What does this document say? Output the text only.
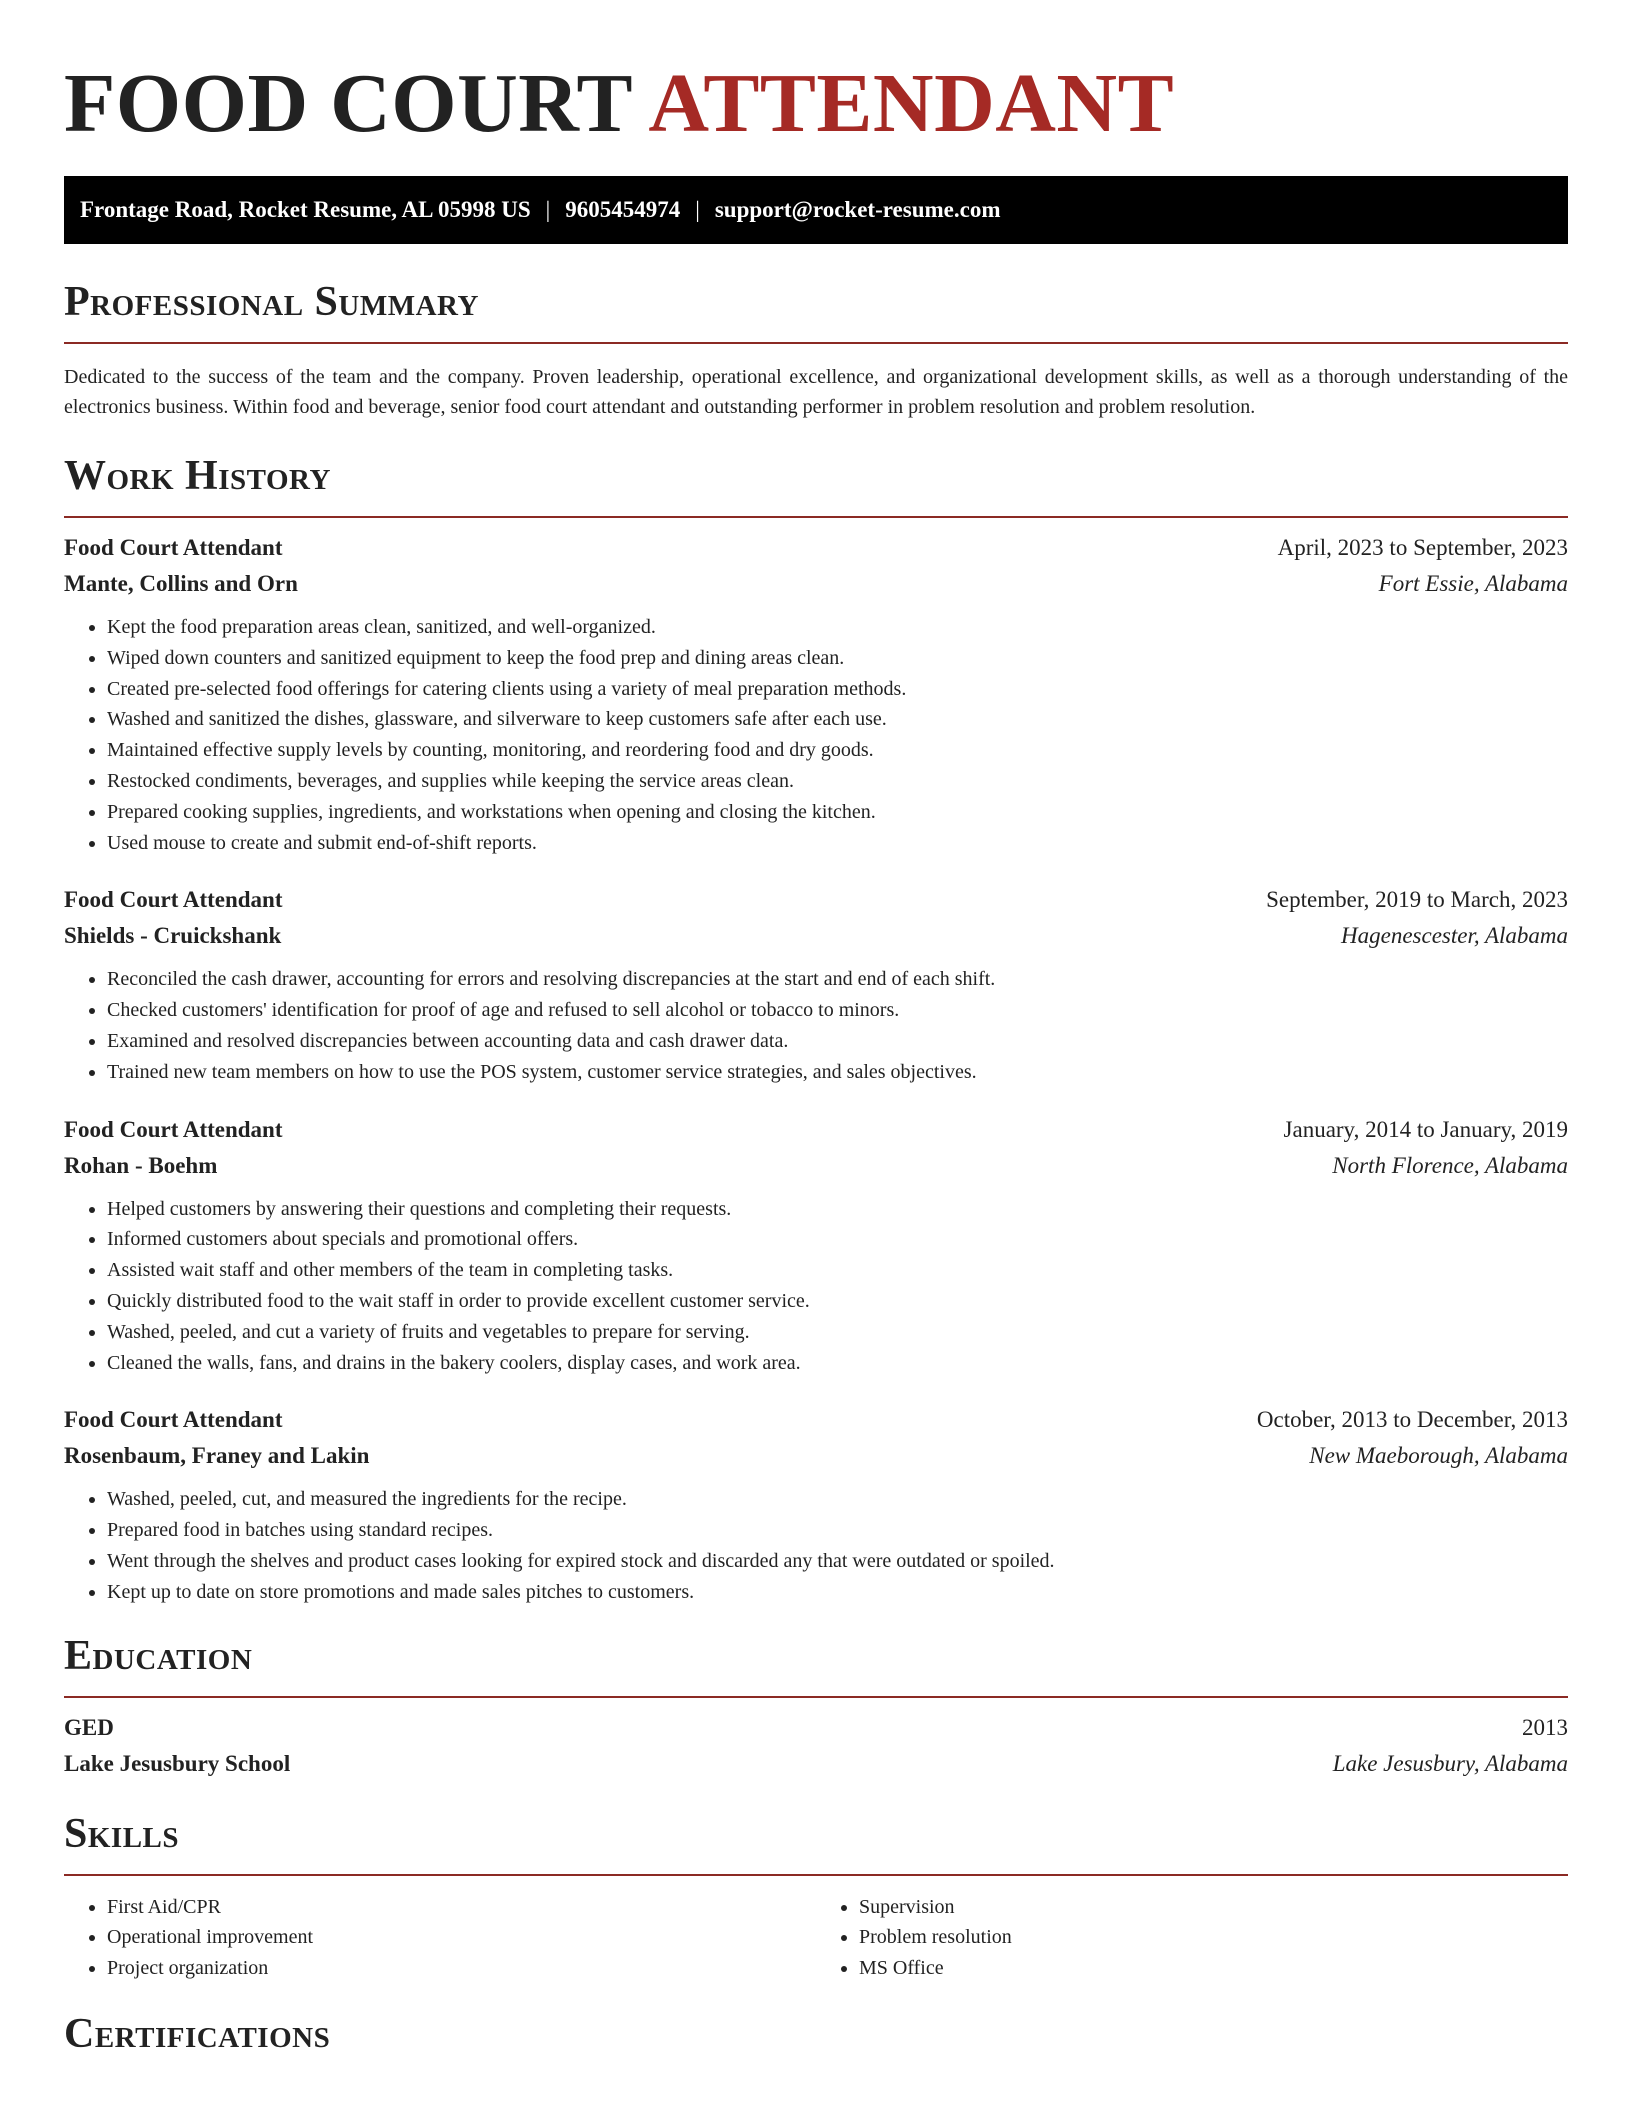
FOOD COURT ATTENDANT
Frontage Road, Rocket Resume, AL 05998 US | 9605454974 | support@rocket-resume.com
Professional Summary

Dedicated to the success of the team and the company. Proven leadership, operational excellence, and organizational development skills, as well as a thorough understanding of the electronics business. Within food and beverage, senior food court attendant and outstanding performer in problem resolution and problem resolution.

Work History
Food Court Attendant	April, 2023 to September, 2023
Mante, Collins and Orn	Fort Essie, Alabama
• Kept the food preparation areas clean, sanitized, and well-organized.
• Wiped down counters and sanitized equipment to keep the food prep and dining areas clean.
• Created pre-selected food offerings for catering clients using a variety of meal preparation methods.
• Washed and sanitized the dishes, glassware, and silverware to keep customers safe after each use.
• Maintained effective supply levels by counting, monitoring, and reordering food and dry goods.
• Restocked condiments, beverages, and supplies while keeping the service areas clean.
• Prepared cooking supplies, ingredients, and workstations when opening and closing the kitchen.
• Used mouse to create and submit end-of-shift reports.
Food Court Attendant	September, 2019 to March, 2023
Shields - Cruickshank	Hagenescester, Alabama
• Reconciled the cash drawer, accounting for errors and resolving discrepancies at the start and end of each shift.
• Checked customers' identification for proof of age and refused to sell alcohol or tobacco to minors.
• Examined and resolved discrepancies between accounting data and cash drawer data.
• Trained new team members on how to use the POS system, customer service strategies, and sales objectives.
Food Court Attendant	January, 2014 to January, 2019
Rohan - Boehm	North Florence, Alabama
• Helped customers by answering their questions and completing their requests.
• Informed customers about specials and promotional offers.
• Assisted wait staff and other members of the team in completing tasks.
• Quickly distributed food to the wait staff in order to provide excellent customer service.
• Washed, peeled, and cut a variety of fruits and vegetables to prepare for serving.
• Cleaned the walls, fans, and drains in the bakery coolers, display cases, and work area.
Food Court Attendant	October, 2013 to December, 2013
Rosenbaum, Franey and Lakin	New Maeborough, Alabama
• Washed, peeled, cut, and measured the ingredients for the recipe.
• Prepared food in batches using standard recipes.
• Went through the shelves and product cases looking for expired stock and discarded any that were outdated or spoiled.
• Kept up to date on store promotions and made sales pitches to customers.
Education
GED	2013
Lake Jesusbury School	Lake Jesusbury, Alabama
Skills
• First Aid/CPR
• Operational improvement
• Project organization
• Supervision
• Problem resolution
• MS Office
Certifications
